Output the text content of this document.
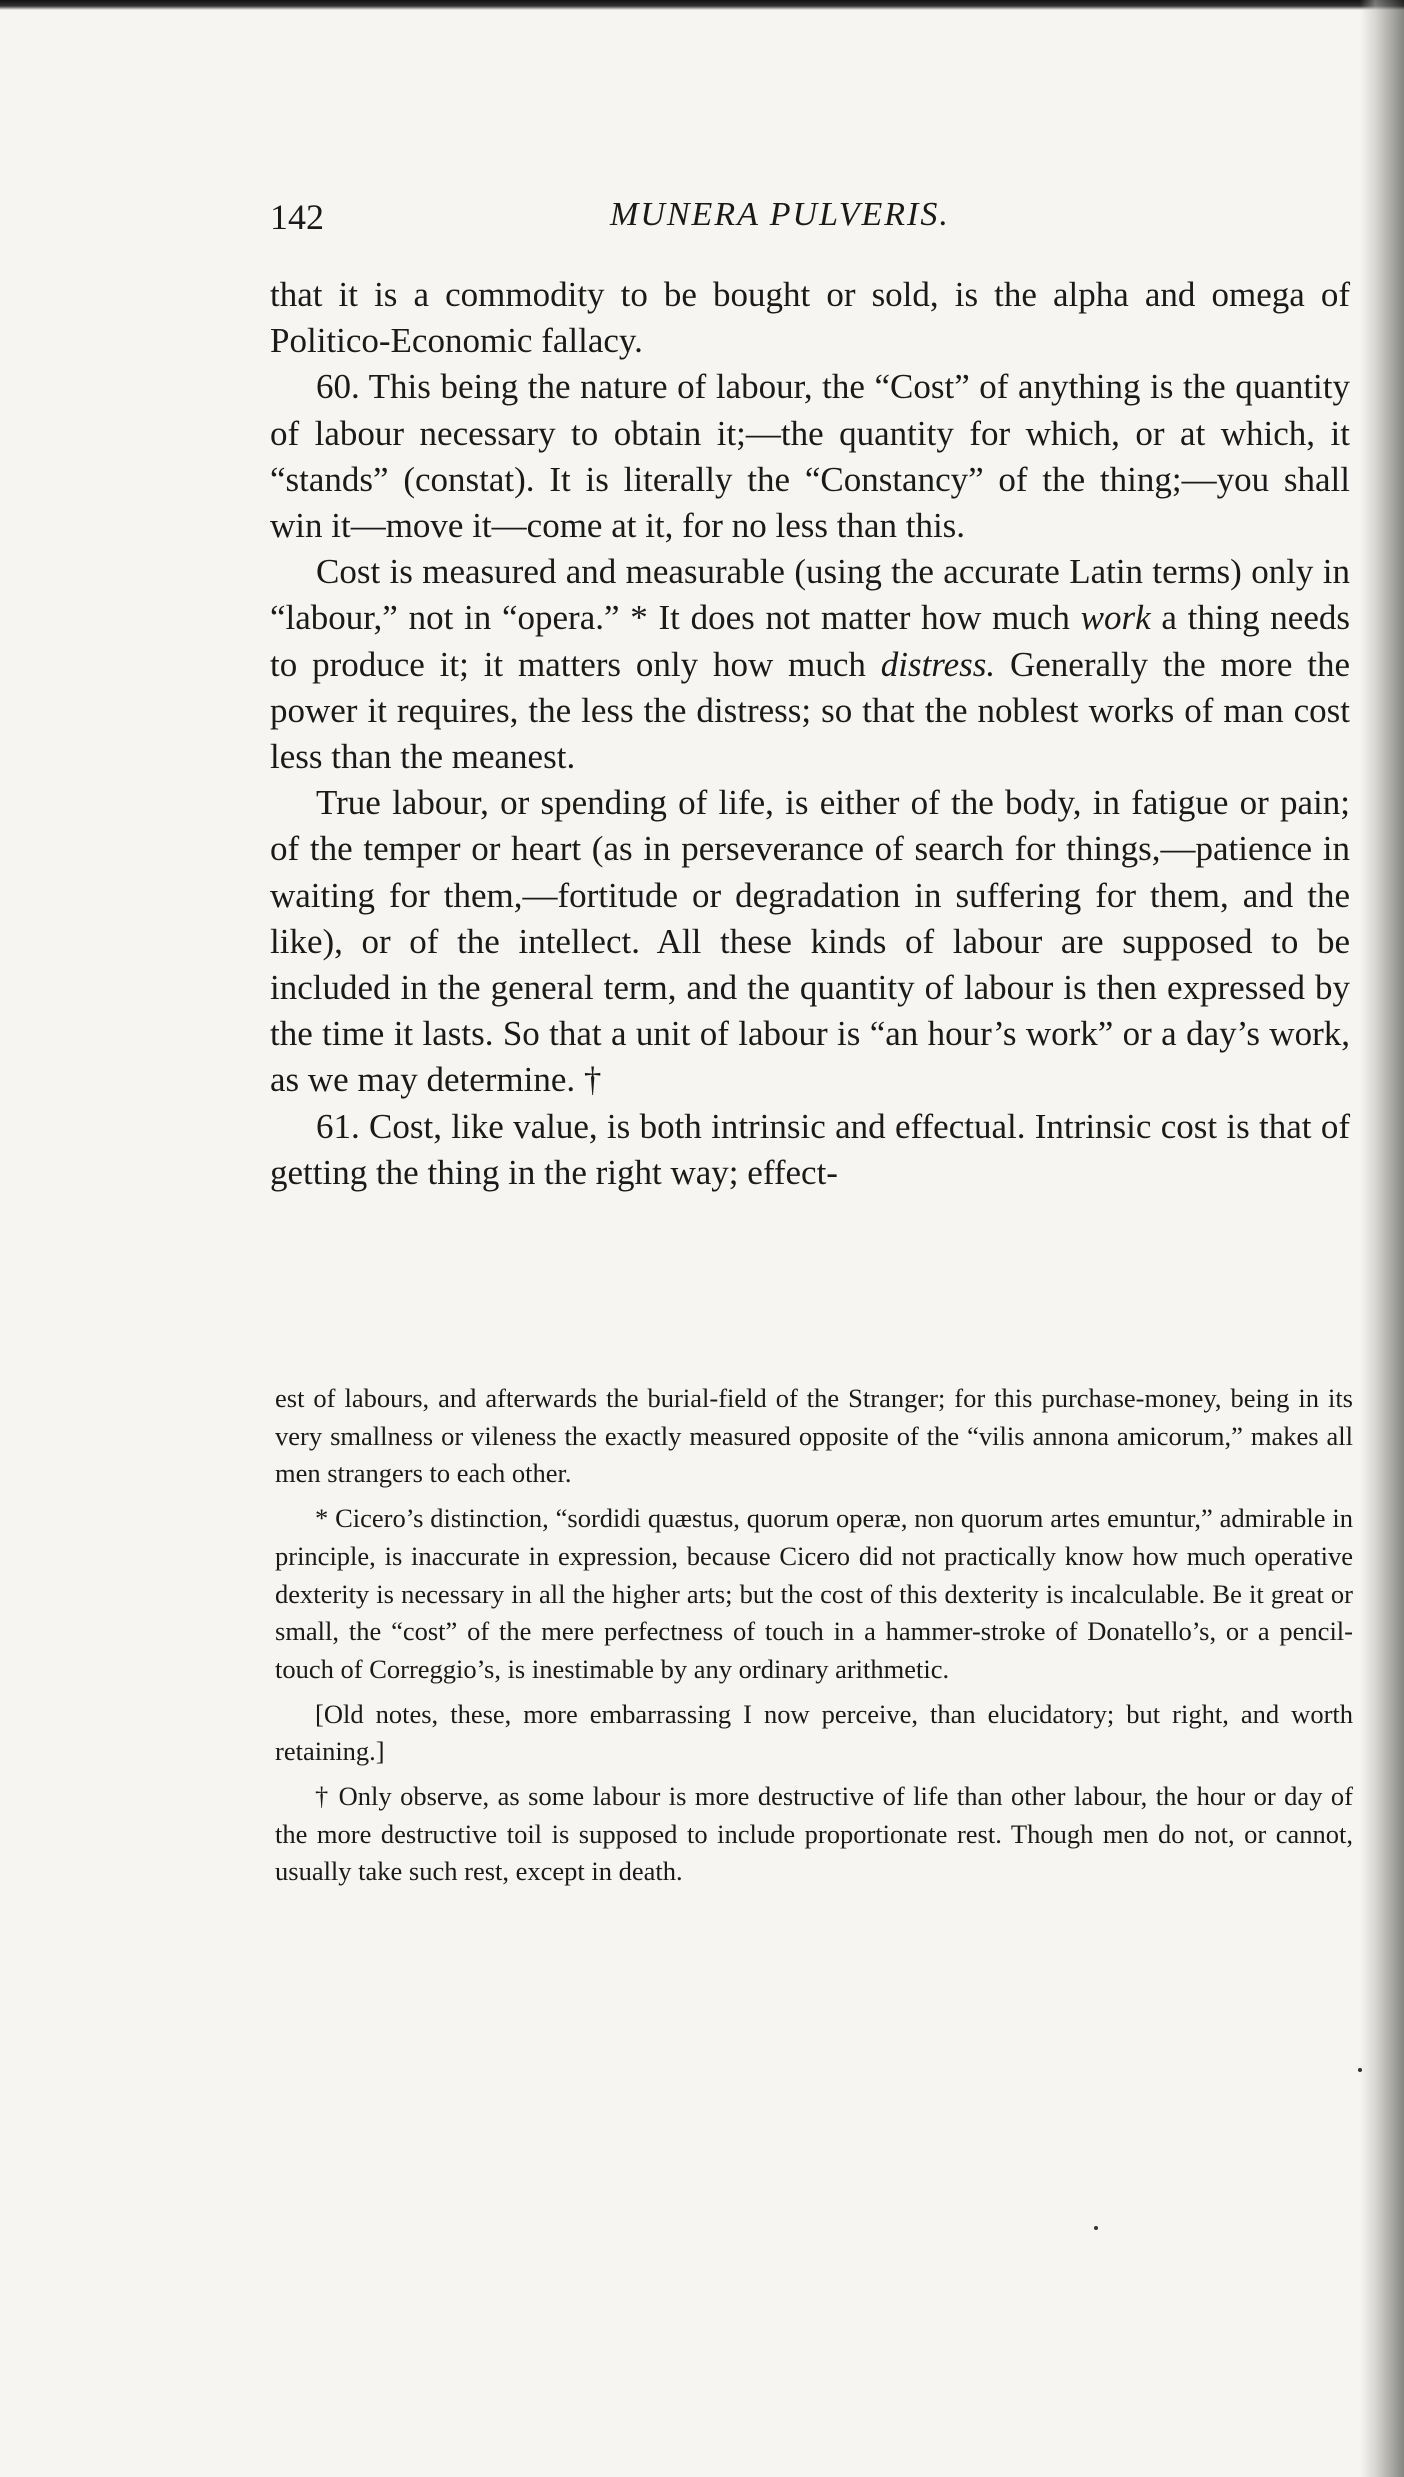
142	MUNERA PULVERIS.

that it is a commodity to be bought or sold, is the alpha and omega of Politico-Economic fallacy.

60. This being the nature of labour, the “Cost” of anything is the quantity of labour necessary to obtain it;—the quantity for which, or at which, it “stands” (constat). It is literally the “Constancy” of the thing;—you shall win it—move it—come at it, for no less than this.

Cost is measured and measurable (using the accurate Latin terms) only in “labour,” not in “opera.” * It does not matter how much work a thing needs to produce it; it matters only how much distress. Generally the more the power it requires, the less the distress; so that the noblest works of man cost less than the meanest.

True labour, or spending of life, is either of the body, in fatigue or pain; of the temper or heart (as in perseverance of search for things,—patience in waiting for them,—fortitude or degradation in suffering for them, and the like), or of the intellect. All these kinds of labour are supposed to be included in the general term, and the quantity of labour is then expressed by the time it lasts. So that a unit of labour is “an hour’s work” or a day’s work, as we may determine. †

61. Cost, like value, is both intrinsic and effectual. Intrinsic cost is that of getting the thing in the right way; effect-

est of labours, and afterwards the burial-field of the Stranger; for this purchase-money, being in its very smallness or vileness the exactly measured opposite of the “vilis annona amicorum,” makes all men strangers to each other.

* Cicero’s distinction, “sordidi quæstus, quorum operæ, non quorum artes emuntur,” admirable in principle, is inaccurate in expression, because Cicero did not practically know how much operative dexterity is necessary in all the higher arts; but the cost of this dexterity is incalculable. Be it great or small, the “cost” of the mere perfectness of touch in a hammer-stroke of Donatello’s, or a pencil-touch of Correggio’s, is inestimable by any ordinary arithmetic.

[Old notes, these, more embarrassing I now perceive, than elucidatory; but right, and worth retaining.]

† Only observe, as some labour is more destructive of life than other labour, the hour or day of the more destructive toil is supposed to include proportionate rest. Though men do not, or cannot, usually take such rest, except in death.
